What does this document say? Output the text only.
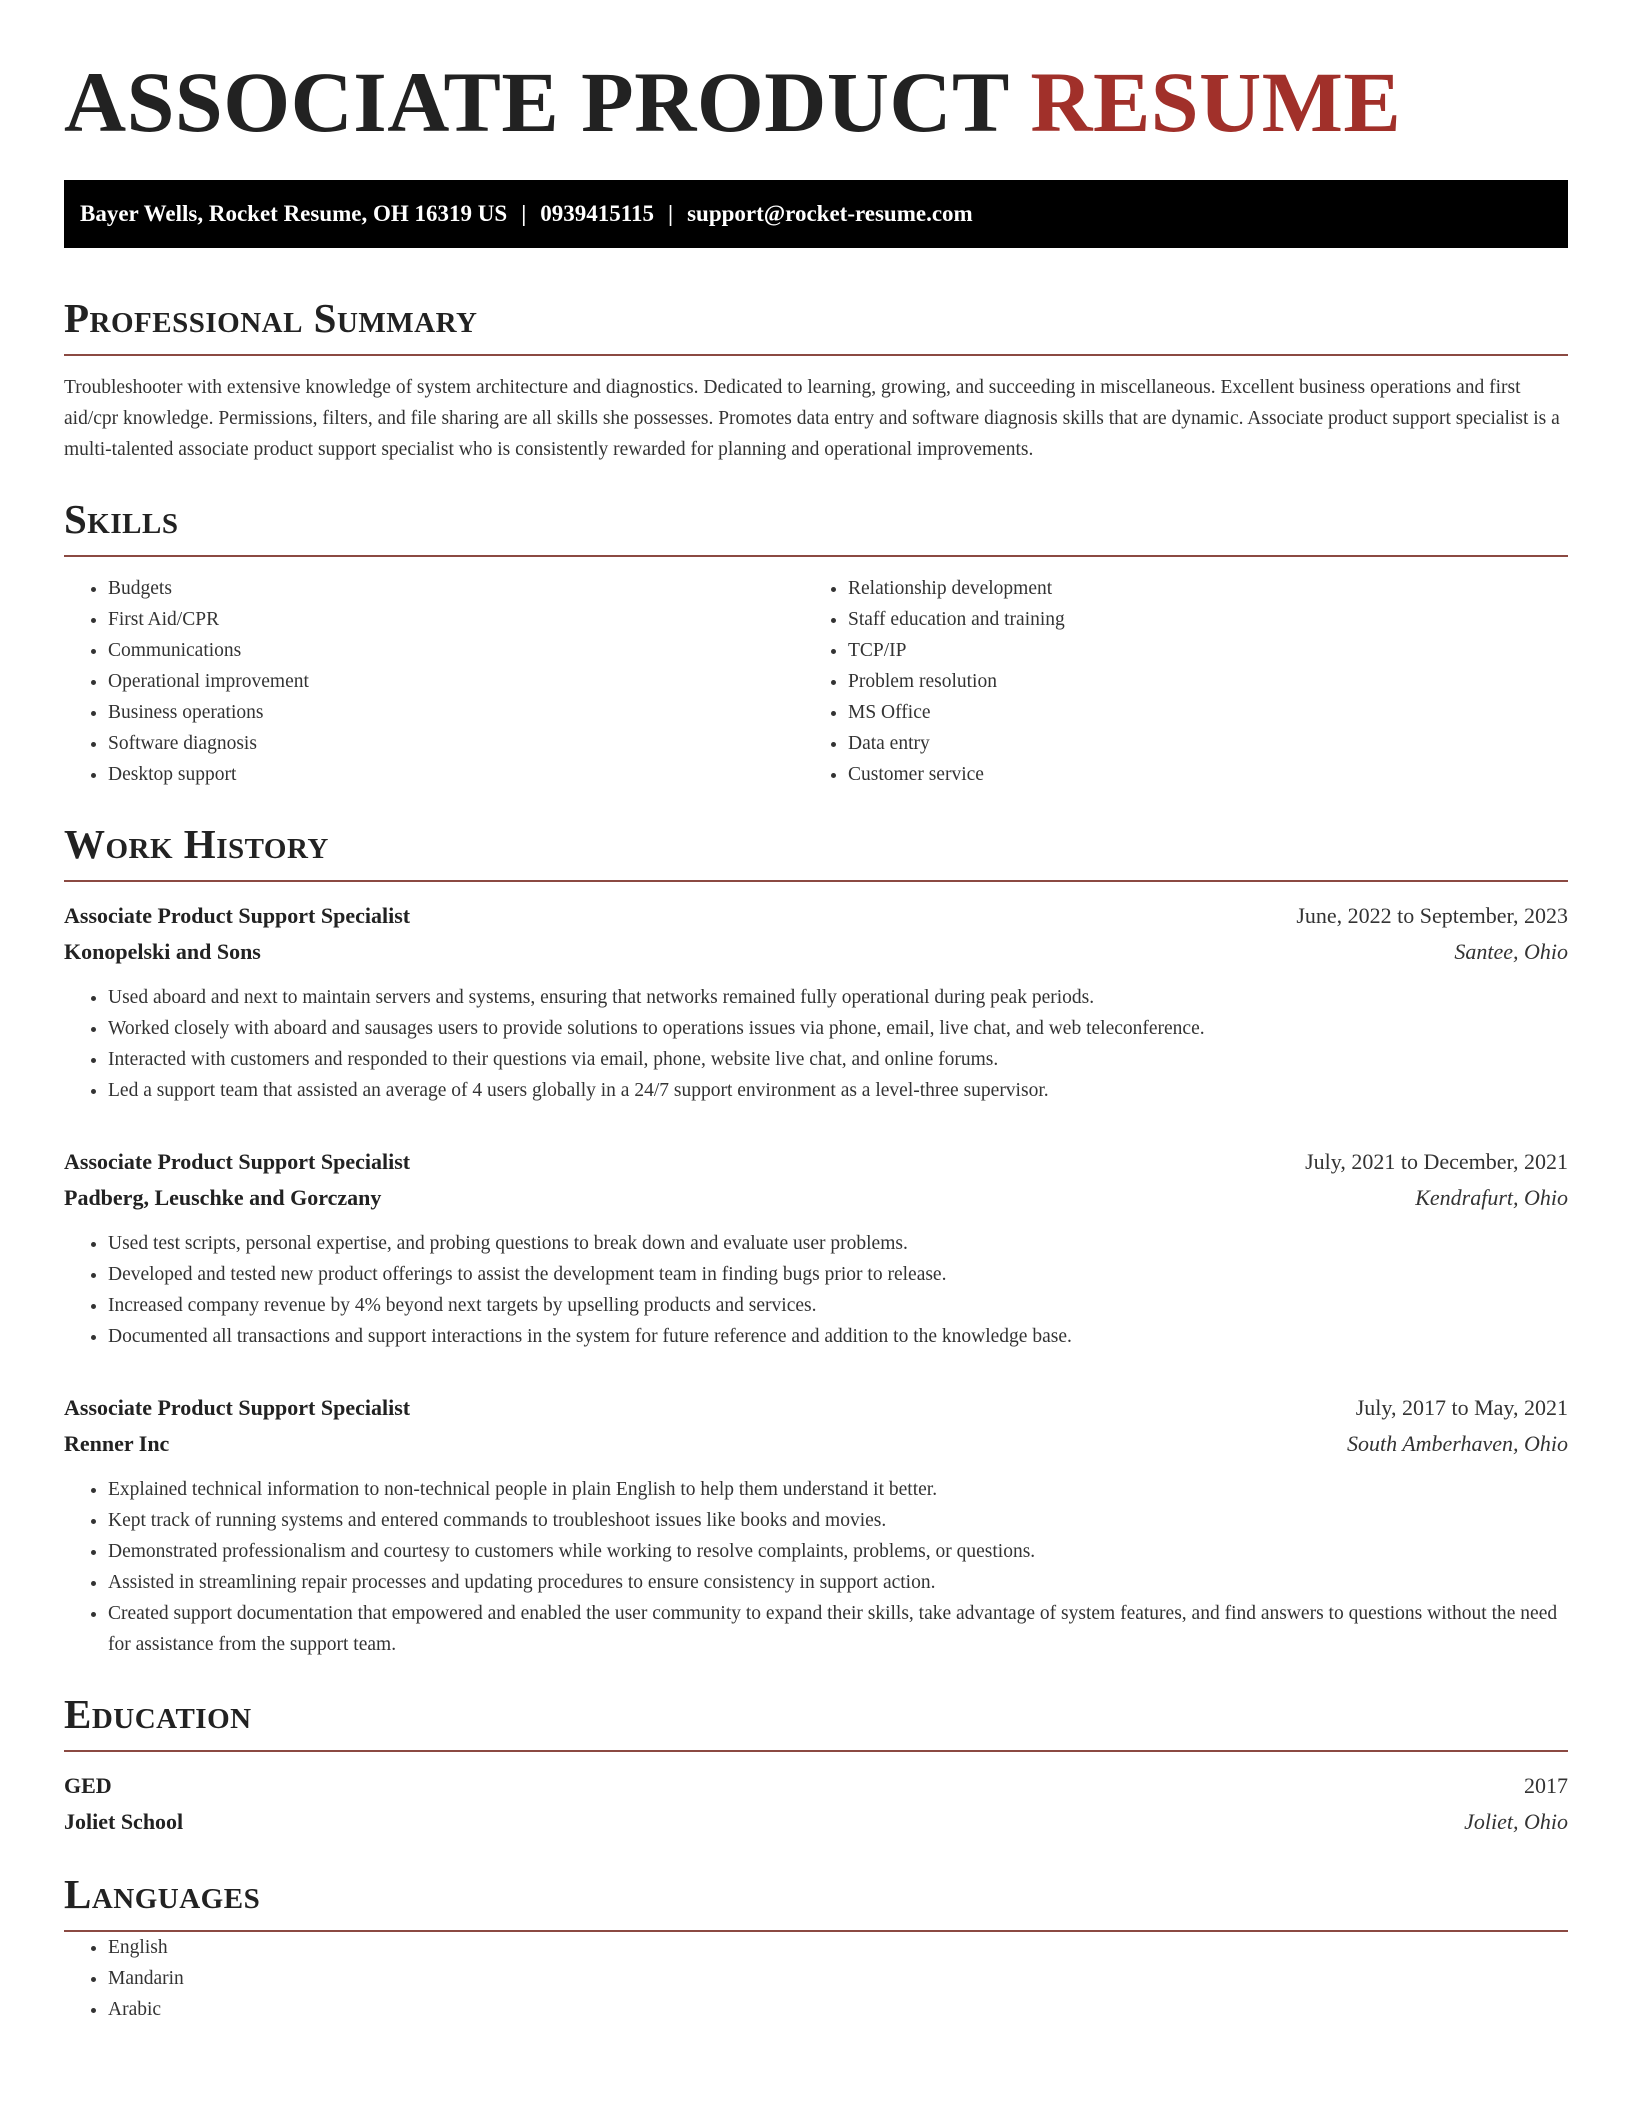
ASSOCIATE PRODUCT RESUME
Bayer Wells, Rocket Resume, OH 16319 US | 0939415115 | support@rocket-resume.com
Professional Summary
Troubleshooter with extensive knowledge of system architecture and diagnostics. Dedicated to learning, growing, and succeeding in miscellaneous. Excellent business operations and first aid/cpr knowledge. Permissions, filters, and file sharing are all skills she possesses. Promotes data entry and software diagnosis skills that are dynamic. Associate product support specialist is a multi-talented associate product support specialist who is consistently rewarded for planning and operational improvements.
Skills
• Budgets
• First Aid/CPR
• Communications
• Operational improvement
• Business operations
• Software diagnosis
• Desktop support
• Relationship development
• Staff education and training
• TCP/IP
• Problem resolution
• MS Office
• Data entry
• Customer service
Work History
Associate Product Support Specialist	June, 2022 to September, 2023
Konopelski and Sons	Santee, Ohio
• Used aboard and next to maintain servers and systems, ensuring that networks remained fully operational during peak periods.
• Worked closely with aboard and sausages users to provide solutions to operations issues via phone, email, live chat, and web teleconference.
• Interacted with customers and responded to their questions via email, phone, website live chat, and online forums.
• Led a support team that assisted an average of 4 users globally in a 24/7 support environment as a level-three supervisor.
Associate Product Support Specialist	July, 2021 to December, 2021
Padberg, Leuschke and Gorczany	Kendrafurt, Ohio
• Used test scripts, personal expertise, and probing questions to break down and evaluate user problems.
• Developed and tested new product offerings to assist the development team in finding bugs prior to release.
• Increased company revenue by 4% beyond next targets by upselling products and services.
• Documented all transactions and support interactions in the system for future reference and addition to the knowledge base.
Associate Product Support Specialist	July, 2017 to May, 2021
Renner Inc	South Amberhaven, Ohio
• Explained technical information to non-technical people in plain English to help them understand it better.
• Kept track of running systems and entered commands to troubleshoot issues like books and movies.
• Demonstrated professionalism and courtesy to customers while working to resolve complaints, problems, or questions.
• Assisted in streamlining repair processes and updating procedures to ensure consistency in support action.
• Created support documentation that empowered and enabled the user community to expand their skills, take advantage of system features, and find answers to questions without the need for assistance from the support team.
Education
GED	2017
Joliet School	Joliet, Ohio
Languages
• English
• Mandarin
• Arabic
